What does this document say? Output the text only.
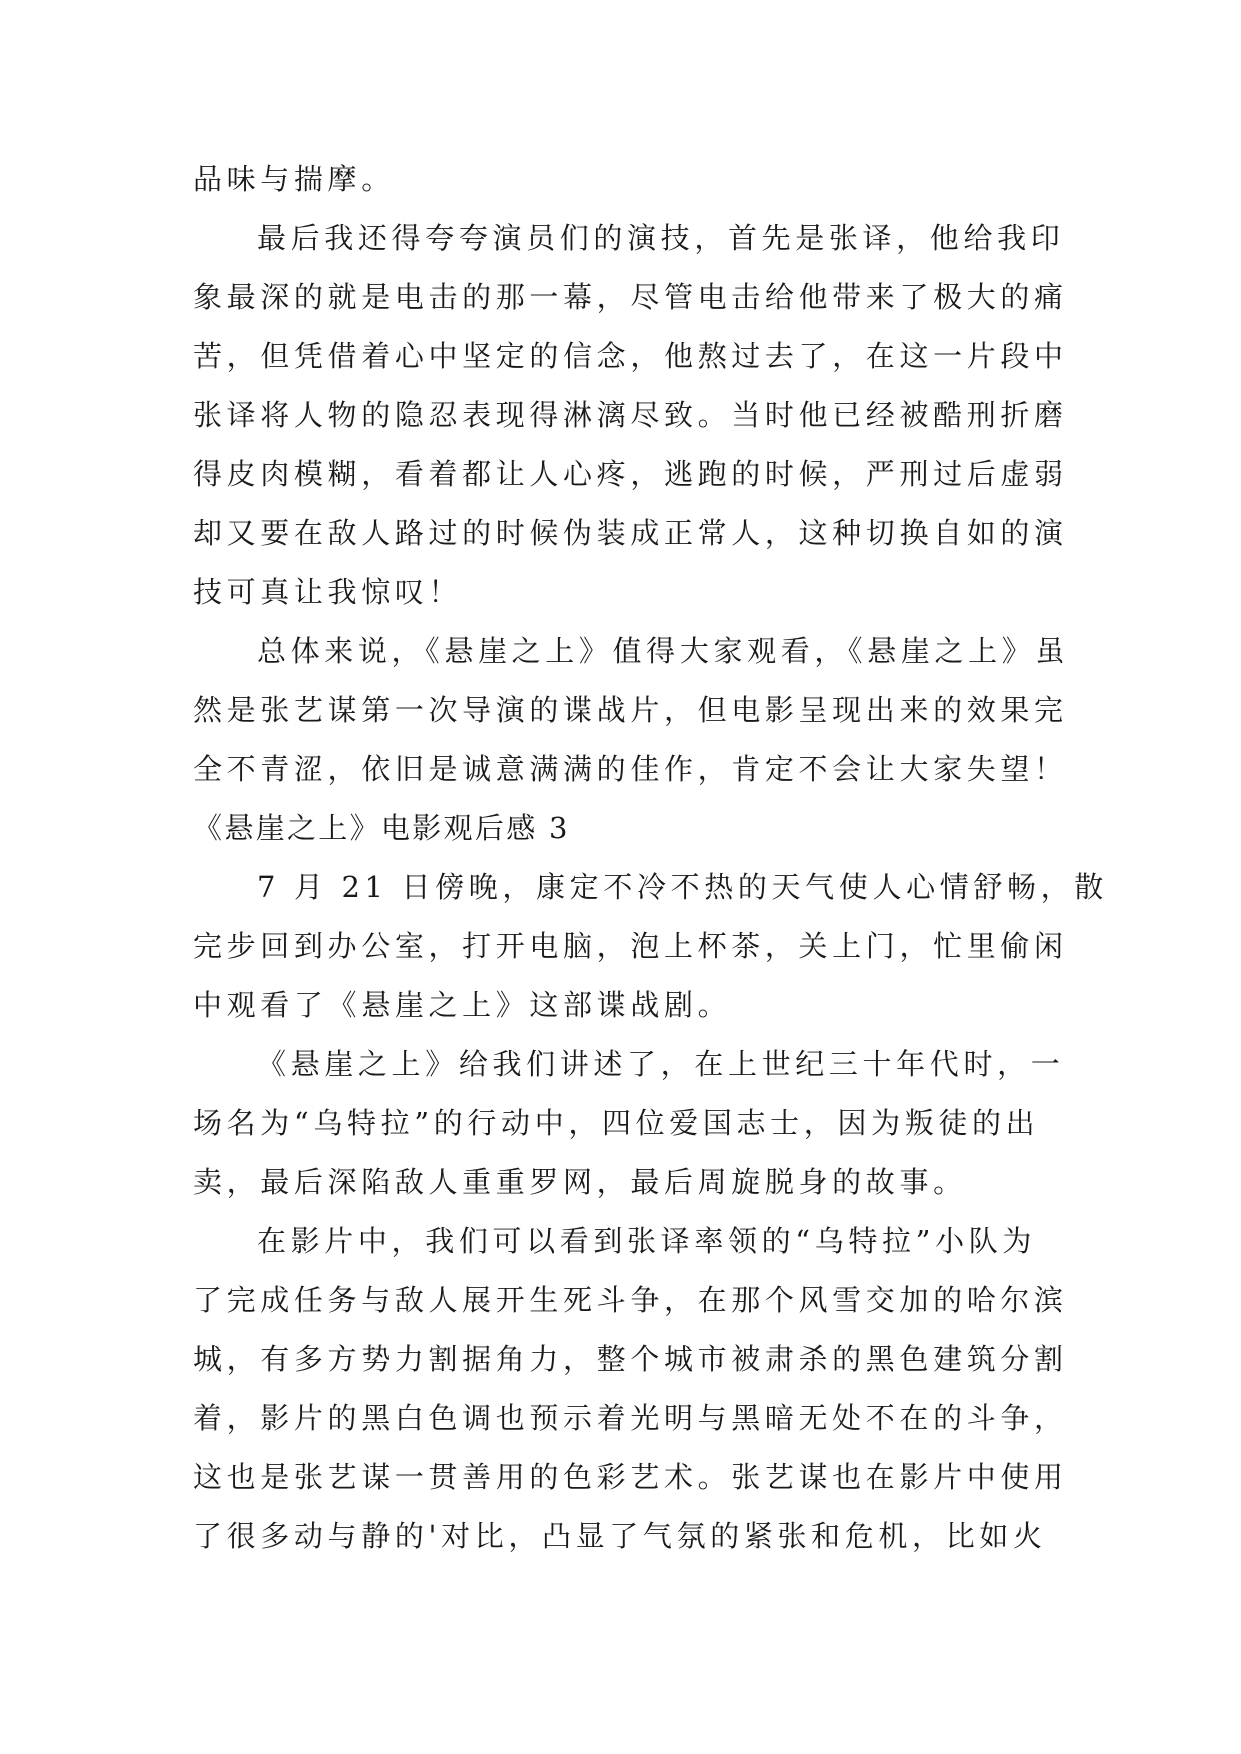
品味与揣摩。
最后我还得夸夸演员们的演技，首先是张译，他给我印
象最深的就是电击的那一幕，尽管电击给他带来了极大的痛
苦，但凭借着心中坚定的信念，他熬过去了，在这一片段中
张译将人物的隐忍表现得淋漓尽致。当时他已经被酷刑折磨
得皮肉模糊，看着都让人心疼，逃跑的时候，严刑过后虚弱
却又要在敌人路过的时候伪装成正常人，这种切换自如的演
技可真让我惊叹！
总体来说，《悬崖之上》值得大家观看，《悬崖之上》虽
然是张艺谋第一次导演的谍战片，但电影呈现出来的效果完
全不青涩，依旧是诚意满满的佳作，肯定不会让大家失望！
《悬崖之上》电影观后感 3
7 月 21 日傍晚，康定不冷不热的天气使人心情舒畅，散
完步回到办公室，打开电脑，泡上杯茶，关上门，忙里偷闲
中观看了《悬崖之上》这部谍战剧。
《悬崖之上》给我们讲述了，在上世纪三十年代时，一
场名为“乌特拉”的行动中，四位爱国志士，因为叛徒的出
卖，最后深陷敌人重重罗网，最后周旋脱身的故事。
在影片中，我们可以看到张译率领的“乌特拉”小队为
了完成任务与敌人展开生死斗争，在那个风雪交加的哈尔滨
城，有多方势力割据角力，整个城市被肃杀的黑色建筑分割
着，影片的黑白色调也预示着光明与黑暗无处不在的斗争，
这也是张艺谋一贯善用的色彩艺术。张艺谋也在影片中使用
了很多动与静的'对比，凸显了气氛的紧张和危机，比如火
